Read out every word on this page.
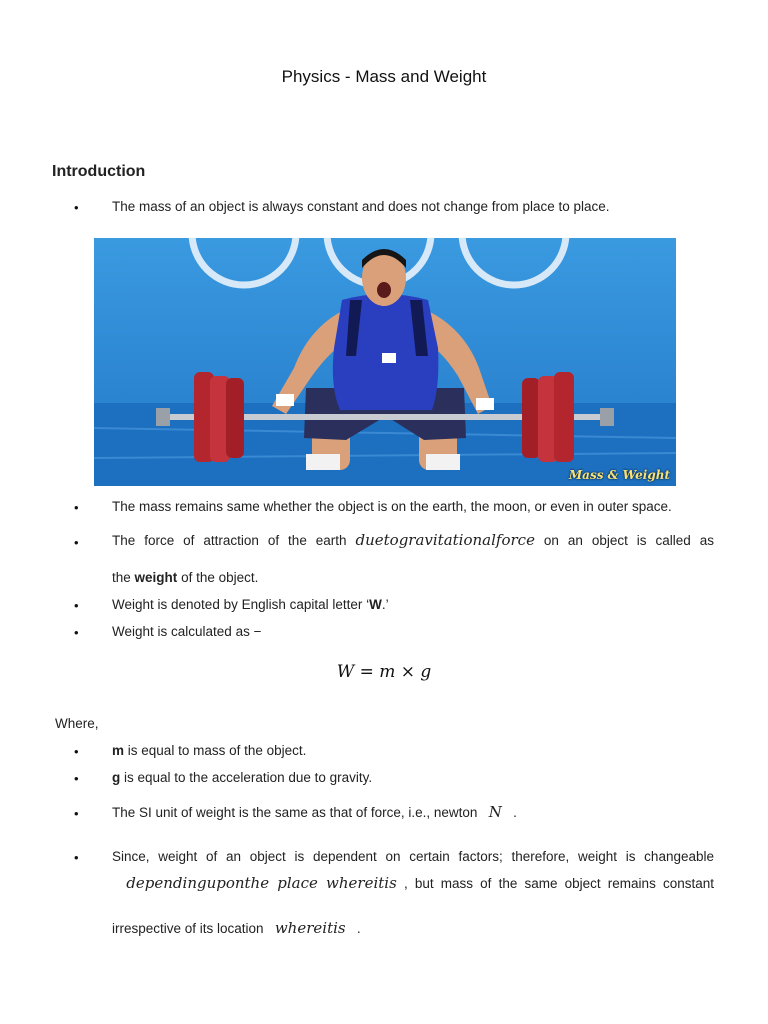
Physics - Mass and Weight
Introduction
• The mass of an object is always constant and does not change from place to place.
Mass & Weight
• The mass remains same whether the object is on the earth, the moon, or even in outer space.
• The force of attraction of the earth duetogravitationalforce on an object is called as
the weight of the object.
• Weight is denoted by English capital letter ‘W.’
• Weight is calculated as −
W = m × g
Where,
• m is equal to mass of the object.
• g is equal to the acceleration due to gravity.
• The SI unit of weight is the same as that of force, i.e., newton N .
• Since, weight of an object is dependent on certain factors; therefore, weight is changeable
dependinguponthe place whereitis , but mass of the same object remains constant
irrespective of its location whereitis .
